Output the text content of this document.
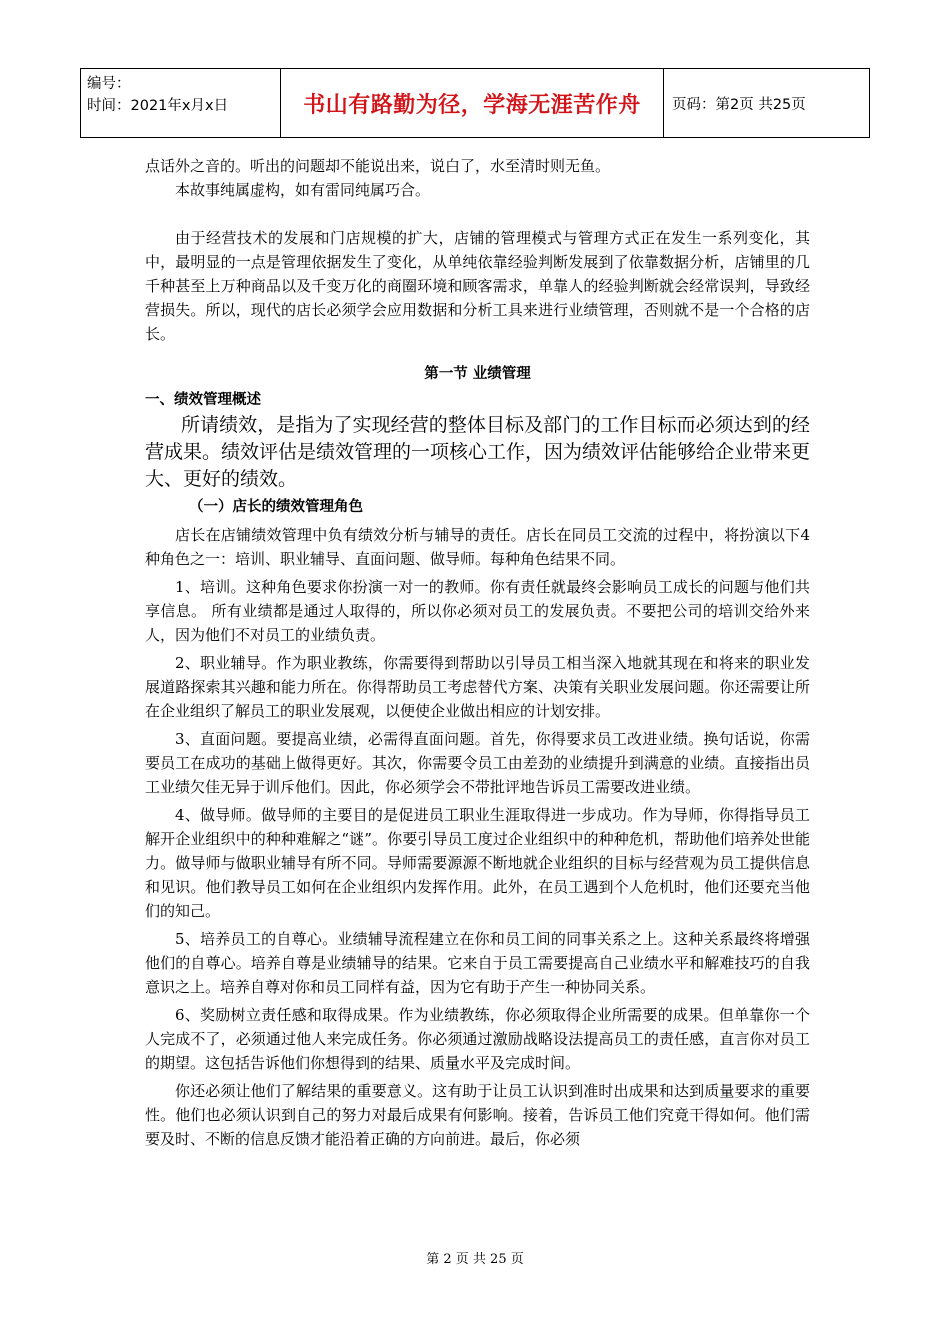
编号：
时间：2021年x月x日	书山有路勤为径，学海无涯苦作舟	页码：第2页 共25页

点话外之音的。听出的问题却不能说出来，说白了，水至清时则无鱼。

本故事纯属虚构，如有雷同纯属巧合。

由于经营技术的发展和门店规模的扩大，店铺的管理模式与管理方式正在发生一系列变化，其中，最明显的一点是管理依据发生了变化，从单纯依靠经验判断发展到了依靠数据分析，店铺里的几千种甚至上万种商品以及千变万化的商圈环境和顾客需求，单靠人的经验判断就会经常误判，导致经营损失。所以，现代的店长必须学会应用数据和分析工具来进行业绩管理，否则就不是一个合格的店长。

第一节 业绩管理
一、绩效管理概述

所请绩效，是指为了实现经营的整体目标及部门的工作目标而必须达到的经营成果。绩效评估是绩效管理的一项核心工作，因为绩效评估能够给企业带来更大、更好的绩效。

（一）店长的绩效管理角色

店长在店铺绩效管理中负有绩效分析与辅导的责任。店长在同员工交流的过程中，将扮演以下4种角色之一：培训、职业辅导、直面问题、做导师。每种角色结果不同。

1、培训。这种角色要求你扮演一对一的教师。你有责任就最终会影响员工成长的问题与他们共享信息。 所有业绩都是通过人取得的，所以你必须对员工的发展负责。不要把公司的培训交给外来人，因为他们不对员工的业绩负责。

2、职业辅导。作为职业教练，你需要得到帮助以引导员工相当深入地就其现在和将来的职业发展道路探索其兴趣和能力所在。你得帮助员工考虑替代方案、决策有关职业发展问题。你还需要让所在企业组织了解员工的职业发展观，以便使企业做出相应的计划安排。

3、直面问题。要提高业绩，必需得直面问题。首先，你得要求员工改进业绩。换句话说，你需要员工在成功的基础上做得更好。其次，你需要令员工由差劲的业绩提升到满意的业绩。直接指出员工业绩欠佳无异于训斥他们。因此，你必须学会不带批评地告诉员工需要改进业绩。

4、做导师。做导师的主要目的是促进员工职业生涯取得进一步成功。作为导师，你得指导员工解开企业组织中的种种难解之“谜”。你要引导员工度过企业组织中的种种危机，帮助他们培养处世能力。做导师与做职业辅导有所不同。导师需要源源不断地就企业组织的目标与经营观为员工提供信息和见识。他们教导员工如何在企业组织内发挥作用。此外，在员工遇到个人危机时，他们还要充当他们的知己。

5、培养员工的自尊心。业绩辅导流程建立在你和员工间的同事关系之上。这种关系最终将增强他们的自尊心。培养自尊是业绩辅导的结果。它来自于员工需要提高自己业绩水平和解难技巧的自我意识之上。培养自尊对你和员工同样有益，因为它有助于产生一种协同关系。

6、奖励树立责任感和取得成果。作为业绩教练，你必须取得企业所需要的成果。但单靠你一个人完成不了，必须通过他人来完成任务。你必须通过激励战略设法提高员工的责任感，直言你对员工的期望。这包括告诉他们你想得到的结果、质量水平及完成时间。

你还必须让他们了解结果的重要意义。这有助于让员工认识到准时出成果和达到质量要求的重要性。他们也必须认识到自己的努力对最后成果有何影响。接着，告诉员工他们究竟干得如何。他们需要及时、不断的信息反馈才能沿着正确的方向前进。最后，你必须

第 2 页 共 25 页
